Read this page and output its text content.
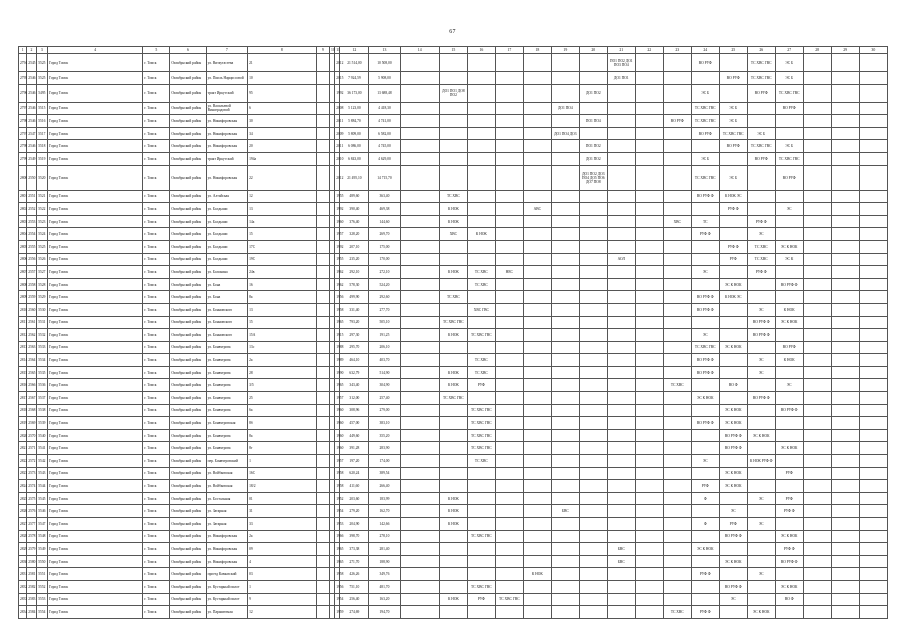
67
1	2	3	4	5	6	7	8	9	10	11	12	13	14	15	16	17	18	19	20	21	22	23	24	25	26	27	28	29	30
2794	2545	5525	Город Томск	г. Томск	Октябрьский район	ул. Витаутастева	21			2012	21 514,00	10 508,00								ПО1 ПО2 ДО1 ПО3 ПО4			ВО РУФ		ТС ХВС ГВС	ЭС Б			
2795	2546	5525	Город Томск	г. Томск	Октябрьский район	ул. Пиоль Нарциссовой	10			2015	7 924,59	5 908,00								ДО1 ПО1				ВО РУФ	ТС ХВС ГВС	ЭС Б			
2796	2546	5495	Город Томск	г. Томск	Октябрьский район	тракт Иркутский	95			1992	36 173,00	13 688,48		ДО1 ПО1 ДО8 ПО2					ДО1 ПО2				ЭС Б		ВО РУФ	ТС ХВС ГВС			
2797	2546	5515	Город Томск	г. Томск	Октябрьский район	ул. Васильевой Виноградовой	6			2008	5 123,00	4 418,30						ДО1 ПО4					ТС ХВС ГВС	ЭС Б		ВО РУФ			
2798	2546	5516	Город Томск	г. Томск	Октябрьский район	ул. Никифоровская	30			2011	5 884,70	4 741,00							ПО1 ПО4			ВО РУФ	ТС ХВС ГВС	ЭС Б					
2797	2547	5517	Город Томск	г. Томск	Октябрьский район	ул. Никифоровская	34			2009	5 809,00	6 582,00						ДО1 ПО4 ДО3					ВО РУФ	ТС ХВС ГВС	ЭС Б				
2798	2546	5518	Город Томск	г. Томск	Октябрьский район	ул. Никифоровская	20			2011	6 086,00	4 745,00							ПО1 ПО2					ВО РУФ	ТС ХВС ГВС	ЭС Б			
2799	2549	5519	Город Томск	г. Томск	Октябрьский район	тракт Иркутский	194а			2010	6 843,00	4 629,00							ДО1 ПО2				ЭС Б		ВО РУФ	ТС ХВС ГВС			
2800	2550	5520	Город Томск	г. Томск	Октябрьский район	ул. Никифоровская	22			2012	21 495,10	14 715,70							ДО1 ПО2 ДО3 ПО4 ДО5 ПО6 ДО7 ПО8				ТС ХВС ГВС	ЭС Б		ВО РУФ			
2801	2551	5521	Город Томск	г. Томск	Октябрьский район	ул. Алтайская	12			1955	489,60	363,40		ТС ХВС									ВО РУФ Ф	К НОК ЭС					
2802	2552	5522	Город Томск	г. Томск	Октябрьский район	ул. Болдыши	13			1992	390,40	469,38		К НОК			АВС							РУФ Ф		ЭС			
2803	2553	5523	Город Томск	г. Томск	Октябрьский район	ул. Болдыши	14а			1960	376,40	144,60		К НОК								ХВС	ТС		РУФ Ф				
2804	2554	5524	Город Томск	г. Томск	Октябрьский район	ул. Болдыши	15			1957	328,20	269,70		ХВС	К НОК								РУФ Ф		ЭС				
2805	2555	5525	Город Томск	г. Томск	Октябрьский район	ул. Болдыши	17С			1992	207,10	175,00												РУФ Ф	ТС ХВС	ЭС К НОК			
2806	2556	5526	Город Томск	г. Томск	Октябрьский район	ул. Болдыши	19С			1955	235,20	170,00								АОЛ				РУФ	ТС ХВС	ЭС К			
2807	2557	5527	Город Томск	г. Томск	Октябрьский район	ул. Болонина	24в			1962	292,10	272,10		К НОК	ТС ХВС	НЕС							ЭС		РУФ Ф				
2808	2558	5528	Город Томск	г. Томск	Октябрьский район	ул. Бона	16			1962	578,30	524,20			ТС ХВС									ЭС К НОК		ВО РУФ Ф			
2809	2559	5529	Город Томск	г. Томск	Октябрьский район	ул. Бона	8а			1956	499,90	292,60		ТС ХВС									ВО РУФ Ф	К НОК ЭС					
2810	2560	5530	Город Томск	г. Томск	Октябрьский район	ул. Бонновского	13			1958	331,40	277,70			ХВС ГВС								ВО РУФ Ф		ЭС	К НОК			
2811	2561	5531	Город Томск	г. Томск	Октябрьский район	ул. Бонновского	15			1965	793,20	505,10		ТС ХВС ГВС											ВО РУФ Ф	ЭС К НОК			
2812	2562	5532	Город Томск	г. Томск	Октябрьский район	ул. Бонновского	15А			1915	297,30	191,25		К НОК	ТС ХВС ГВС								ЭС		ВО РУФ Ф				
2813	2563	5533	Город Томск	г. Томск	Октябрьский район	ул. Бонвчтрова	13с			1988	295,70	206,10											ТС ХВС ГВС	ЭС К НОК		ВО РУФ			
2814	2564	5534	Город Томск	г. Томск	Октябрьский район	ул. Бонвчтрова	2а			1989	464,10	403,70			ТС ХВС								ВО РУФ Ф		ЭС	К НОК			
2815	2565	5535	Город Томск	г. Томск	Октябрьский район	ул. Бонвчтрова	28			1990	632,79	514,90		К НОК	ТС ХВС								ВО РУФ Ф		ЭС				
2816	2566	5536	Город Томск	г. Томск	Октябрьский район	ул. Бонвчтрова	3/5			1965	343,40	304,90		К НОК	РУФ							ТС ХВС		ВО Ф		ЭС			
2817	2567	5537	Город Томск	г. Томск	Октябрьский район	ул. Бонвчтрова	25			1957	312,00	257,40		ТС ХВС ГВС									ЭС К НОК		ВО РУФ Ф				
2818	2568	5538	Город Томск	г. Томск	Октябрьский район	ул. Бонвчтрова	6а			1960	308,96	279,00			ТС ХВС ГВС									ЭС К НОК		ВО РУФ Ф			
2819	2569	5539	Город Томск	г. Томск	Октябрьский район	ул. Бонвчтровская	8б			1960	457,00	383,10			ТС ХВС ГВС								ВО РУФ Ф	ЭС К НОК					
2820	2570	5540	Город Томск	г. Томск	Октябрьский район	ул. Бонвчтрова	8а			1960	449,60	355,20			ТС ХВС ГВС									ВО РУФ Ф	ЭС К НОК				
2821	2571	5541	Город Томск	г. Томск	Октябрьский район	ул. Бонвчтрова	8г			1960	391,28	283,90			ТС ХВС ГВС									ВО РУФ Ф		ЭС К НОК			
2822	2572	5542	Город Томск	г. Томск	Октябрьский район	пер. Бонвчтровский	1			1957	197,20	174,00			ТС ХВС								ЭС		К НОК РУФ Ф				
2823	2573	5543	Город Томск	г. Томск	Октябрьский район	ул. Войбковская	16С			1958	620,24	389,54												ЭС К НОК		РУФ			
2824	2574	5544	Город Томск	г. Томск	Октябрьский район	ул. Войбковская	18/2			1958	411,60	266,40											РУФ	ЭС К НОК					
2825	2575	5545	Город Томск	г. Томск	Октябрьский район	ул. Бостальная	01			1952	203,60	183,99		К НОК									Ф		ЭС	РУФ			
2826	2576	5546	Город Томск	г. Томск	Октябрьский район	ул. Затарная	31			1954	279,20	162,70		К НОК				БВС						ЭС		РУФ Ф			
2827	2577	5547	Город Томск	г. Томск	Октябрьский район	ул. Затарная	33			1953	204,90	142,66		К НОК									Ф	РУФ	ЭС				
2828	2578	5548	Город Томск	г. Томск	Октябрьский район	ул. Никифоровская	2а			1966	398,70	278,10			ТС ХВС ГВС									ВО РУФ Ф		ЭС К НОК			
2829	2579	5549	Город Томск	г. Томск	Октябрьский район	ул. Никифоровская	09			1965	373,38	281,40								БВС			ЭС К НОК			РУФ Ф			
2830	2580	5550	Город Томск	г. Томск	Октябрьский район	ул. Никифоровская	4			1965	271,70	188,90								БВС				ЭС К НОК		ВО РУФ Ф			
2831	2581	5551	Город Томск	г. Томск	Октябрьский район	проезд Кавказский	03			1958	426,26	349,76					К НОК						РУФ Ф		ЭС				
2832	2582	5552	Город Томск	г. Томск	Октябрьский район	ул. Кустарный пилот	1			1956	751,10	481,70			ТС ХВС ГВС									ВО РУФ Ф		ЭС К НОК			
2833	2583	5553	Город Томск	г. Томск	Октябрьский район	ул. Кустарный пилот	9			1954	256,40	163,20		К НОК	РУФ	ТС ХВС ГВС								ЭС		ВО Ф			
2834	2584	5554	Город Томск	г. Томск	Октябрьский район	ул. Парашютная	12			1959	274,69	194,70										ТС ХВС	РУФ Ф		ЭС К НОК				
